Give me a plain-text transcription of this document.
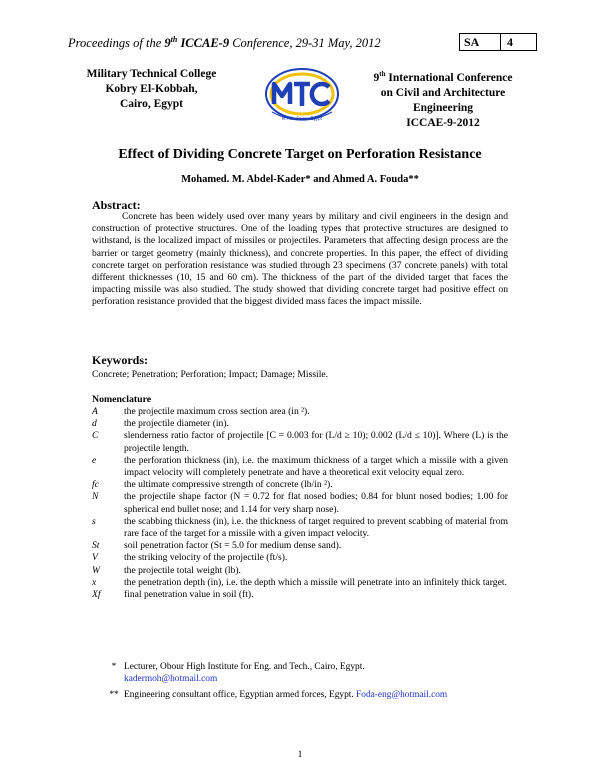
Proceedings of the 9th ICCAE-9 Conference, 29-31 May, 2012	SA	4
Military Technical College
Kobry El-Kobbah,
Cairo, Egypt
M.T.C · Cairo · Egypt
9th International Conference
on Civil and Architecture
Engineering
ICCAE-9-2012
Effect of Dividing Concrete Target on Perforation Resistance
Mohamed. M. Abdel-Kader* and Ahmed A. Fouda**
Abstract:

Concrete has been widely used over many years by military and civil engineers in the design and construction of protective structures. One of the loading types that protective structures are designed to withstand, is the localized impact of missiles or projectiles. Parameters that affecting design process are the barrier or target geometry (mainly thickness), and concrete properties. In this paper, the effect of dividing concrete target on perforation resistance was studied through 23 specimens (37 concrete panels) with total different thicknesses (10, 15 and 60 cm). The thickness of the part of the divided target that faces the impacting missile was also studied. The study showed that dividing concrete target had positive effect on perforation resistance provided that the biggest divided mass faces the impact missile.

Keywords:
Concrete; Penetration; Perforation; Impact; Damage; Missile.
Nomenclature
A	the projectile maximum cross section area (in ²).
d	the projectile diameter (in).
C	slenderness ratio factor of projectile [C = 0.003 for (L/d ≥ 10); 0.002 (L/d ≤ 10)]. Where (L) is the projectile length.
e	the perforation thickness (in), i.e. the maximum thickness of a target which a missile with a given impact velocity will completely penetrate and have a theoretical exit velocity equal zero.
fc	the ultimate compressive strength of concrete (lb/in ²).
N	the projectile shape factor (N = 0.72 for flat nosed bodies; 0.84 for blunt nosed bodies; 1.00 for spherical end bullet nose; and 1.14 for very sharp nose).
s	the scabbing thickness (in), i.e. the thickness of target required to prevent scabbing of material from rare face of the target for a missile with a given impact velocity.
St	soil penetration factor (St = 5.0 for medium dense sand).
V	the striking velocity of the projectile (ft/s).
W	the projectile total weight (lb).
x	the penetration depth (in), i.e. the depth which a missile will penetrate into an infinitely thick target.
Xf	final penetration value in soil (ft).
* Lecturer, Obour High Institute for Eng. and Tech., Cairo, Egypt.
kadermoh@hotmail.com
** Engineering consultant office, Egyptian armed forces, Egypt. Foda-eng@hotmail.com
1
